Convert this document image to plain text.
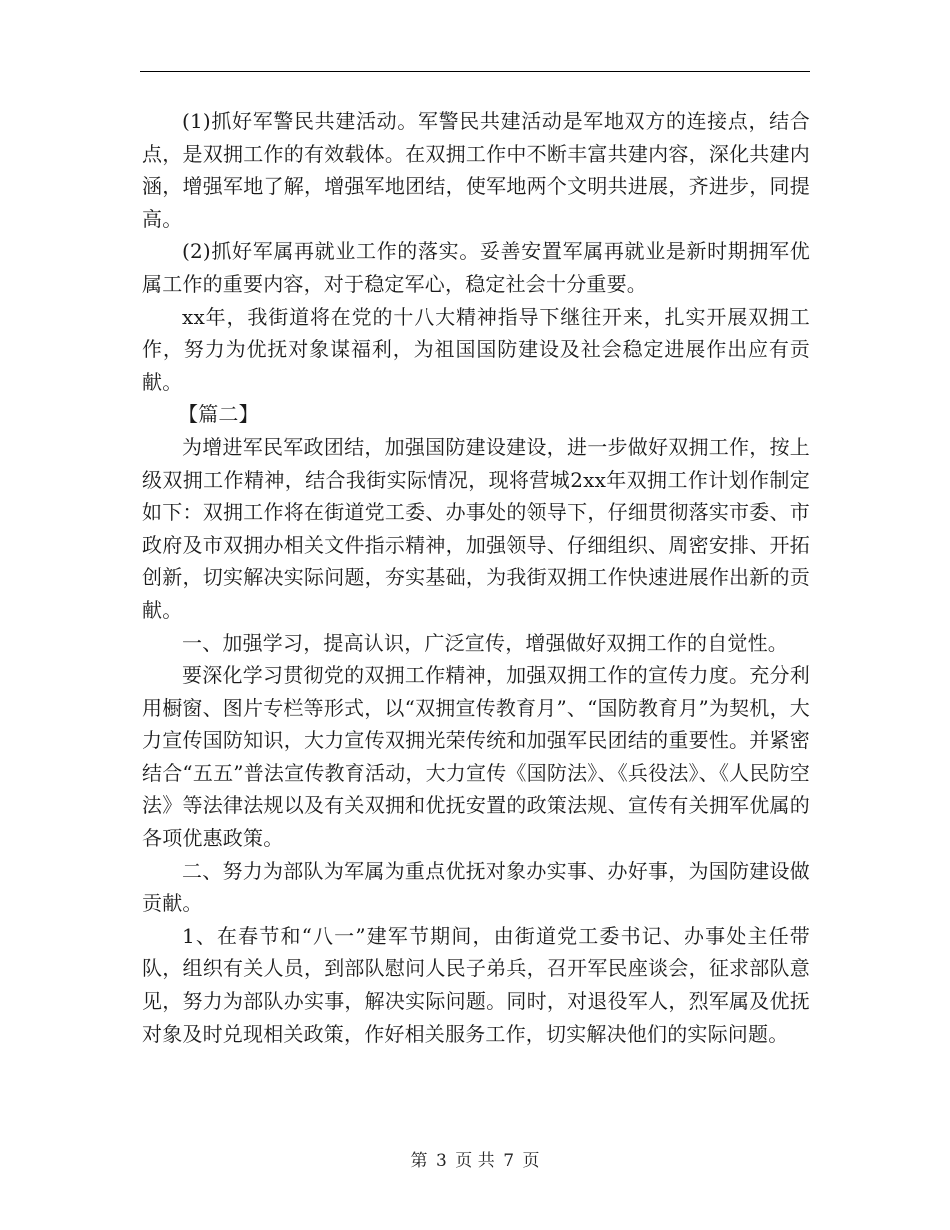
(1)抓好军警民共建活动。军警民共建活动是军地双方的连接点，结合点，是双拥工作的有效载体。在双拥工作中不断丰富共建内容，深化共建内涵，增强军地了解，增强军地团结，使军地两个文明共进展，齐进步，同提高。

(2)抓好军属再就业工作的落实。妥善安置军属再就业是新时期拥军优属工作的重要内容，对于稳定军心，稳定社会十分重要。

xx年，我街道将在党的十八大精神指导下继往开来，扎实开展双拥工作，努力为优抚对象谋福利，为祖国国防建设及社会稳定进展作出应有贡献。

【篇二】

为增进军民军政团结，加强国防建设建设，进一步做好双拥工作，按上级双拥工作精神，结合我街实际情况，现将营城2xx年双拥工作计划作制定如下：双拥工作将在街道党工委、办事处的领导下，仔细贯彻落实市委、市政府及市双拥办相关文件指示精神，加强领导、仔细组织、周密安排、开拓创新，切实解决实际问题，夯实基础，为我街双拥工作快速进展作出新的贡献。

一、加强学习，提高认识，广泛宣传，增强做好双拥工作的自觉性。

要深化学习贯彻党的双拥工作精神，加强双拥工作的宣传力度。充分利用橱窗、图片专栏等形式，以“双拥宣传教育月”、“国防教育月”为契机，大力宣传国防知识，大力宣传双拥光荣传统和加强军民团结的重要性。并紧密结合“五五”普法宣传教育活动，大力宣传《国防法》、《兵役法》、《人民防空法》等法律法规以及有关双拥和优抚安置的政策法规、宣传有关拥军优属的各项优惠政策。

二、努力为部队为军属为重点优抚对象办实事、办好事，为国防建设做贡献。

1、在春节和“八一”建军节期间，由街道党工委书记、办事处主任带队，组织有关人员，到部队慰问人民子弟兵，召开军民座谈会，征求部队意见，努力为部队办实事，解决实际问题。同时，对退役军人，烈军属及优抚对象及时兑现相关政策，作好相关服务工作，切实解决他们的实际问题。

第 3 页 共 7 页
